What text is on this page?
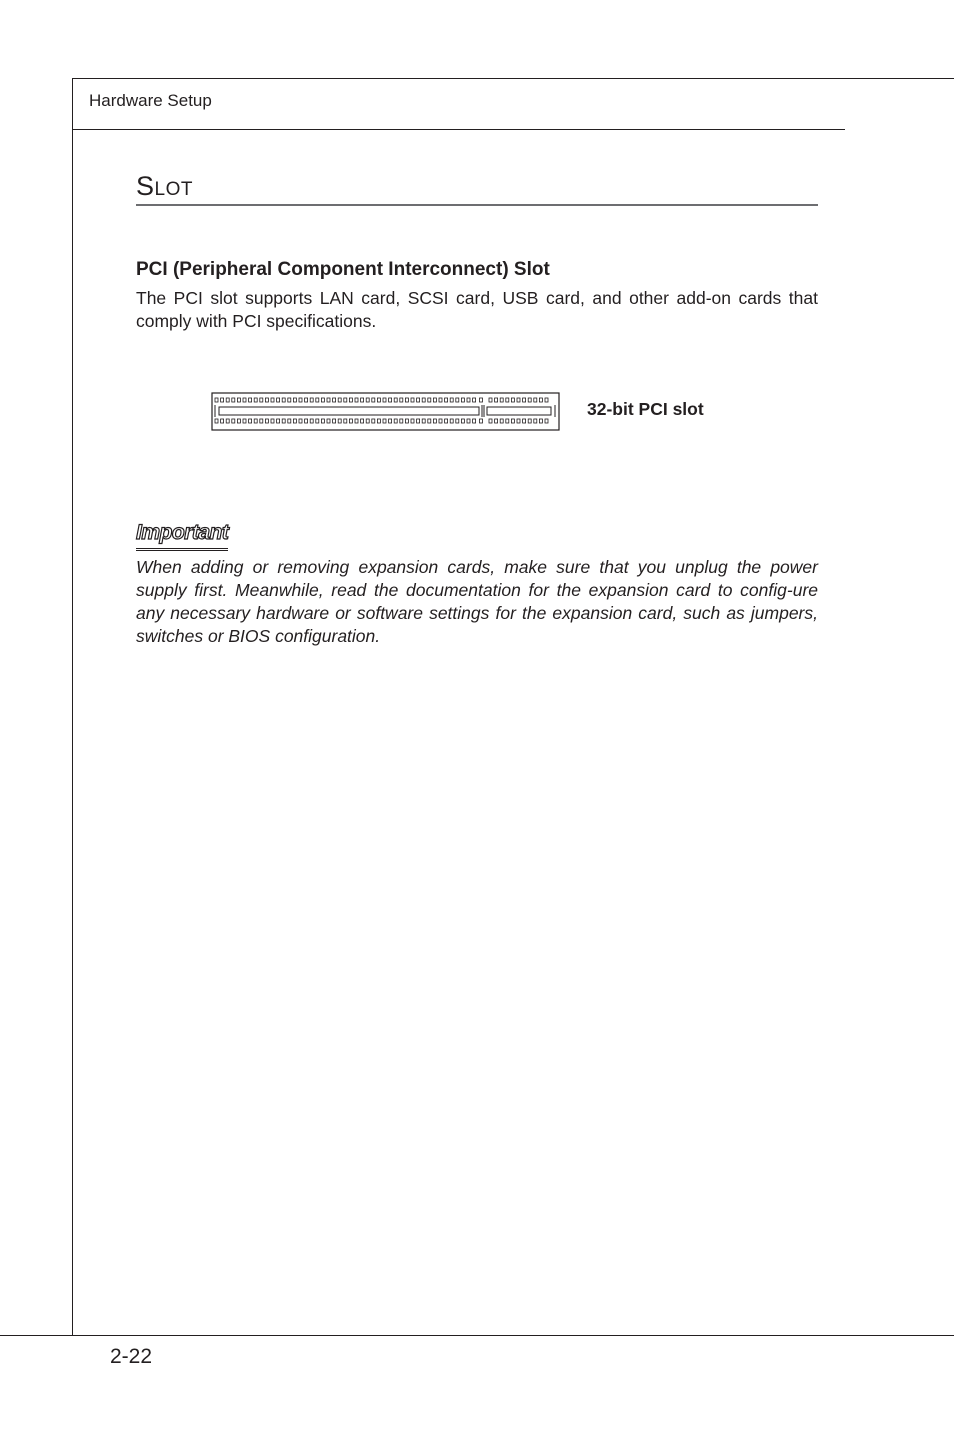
Hardware Setup
SLOT
PCI (Peripheral Component Interconnect) Slot

The PCI slot supports LAN card, SCSI card, USB card, and other add-on cards that comply with PCI specifications.

32-bit PCI slot
Important

When adding or removing expansion cards, make sure that you unplug the power supply first. Meanwhile, read the documentation for the expansion card to config-ure any necessary hardware or software settings for the expansion card, such as jumpers, switches or BIOS configuration.

2-22
